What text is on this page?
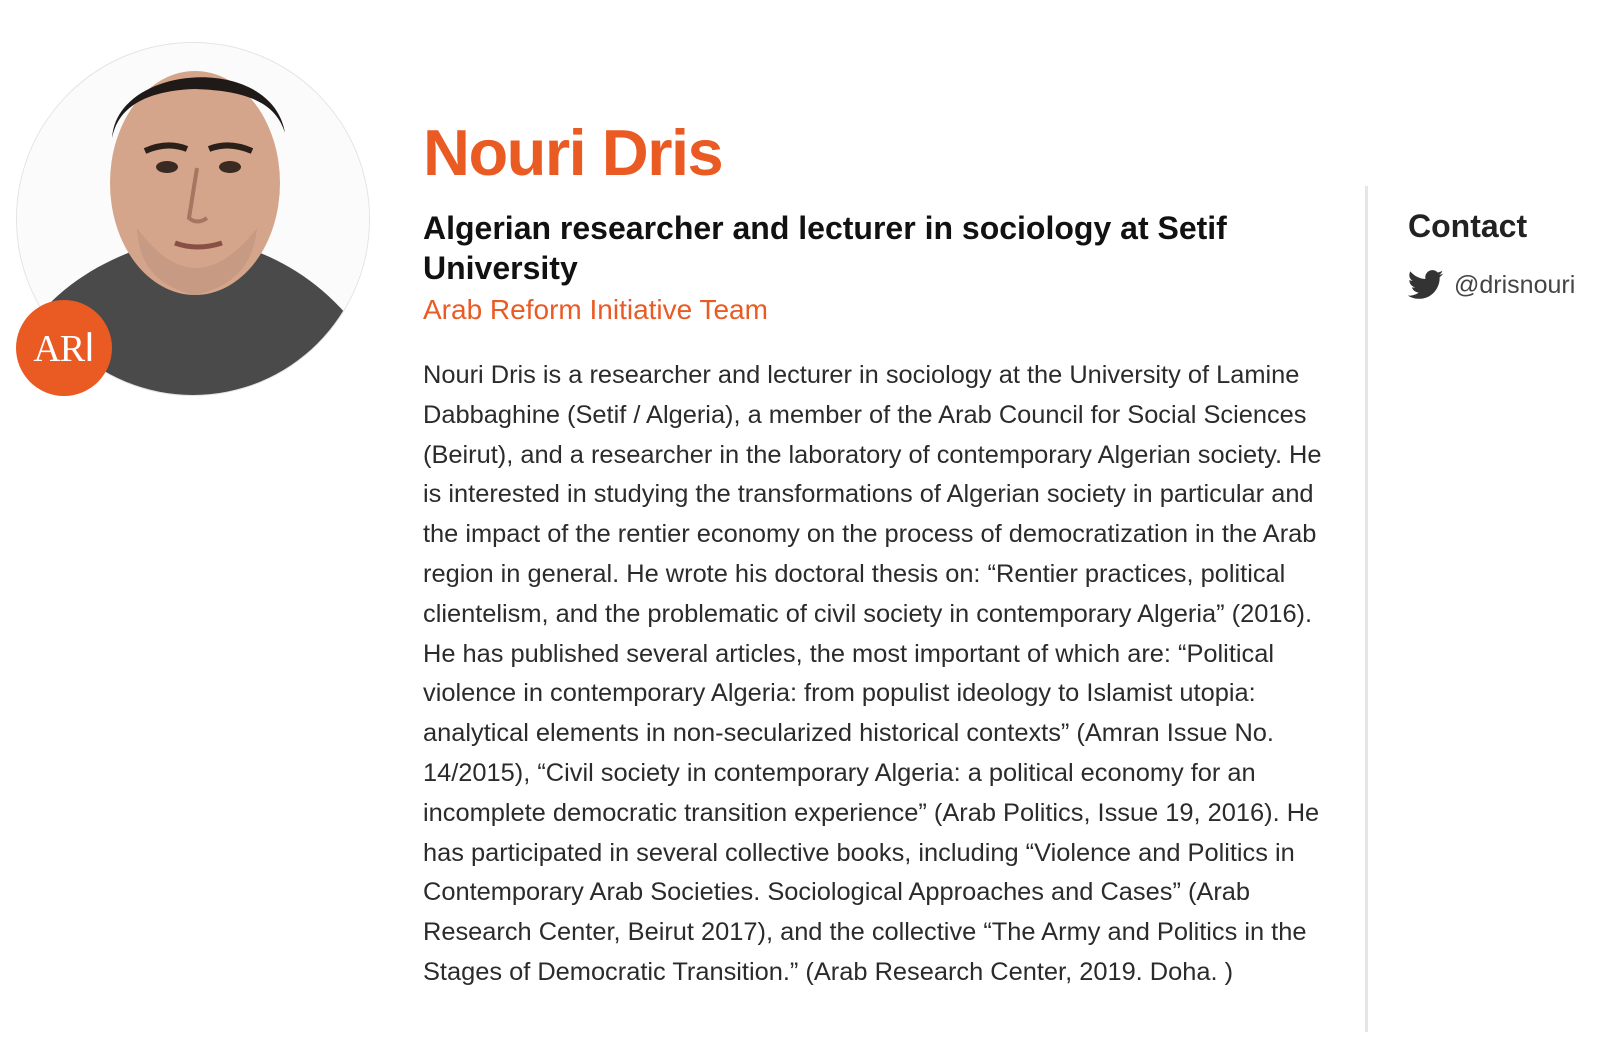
ARا
Nouri Dris
Algerian researcher and lecturer in sociology at Setif University
Arab Reform Initiative Team

Nouri Dris is a researcher and lecturer in sociology at the University of Lamine Dabbaghine (Setif / Algeria), a member of the Arab Council for Social Sciences (Beirut), and a researcher in the laboratory of contemporary Algerian society. He is interested in studying the transformations of Algerian society in particular and the impact of the rentier economy on the process of democratization in the Arab region in general. He wrote his doctoral thesis on: “Rentier practices, political clientelism, and the problematic of civil society in contemporary Algeria” (2016). He has published several articles, the most important of which are: “Political violence in contemporary Algeria: from populist ideology to Islamist utopia: analytical elements in non-secularized historical contexts” (Amran Issue No. 14/2015), “Civil society in contemporary Algeria: a political economy for an incomplete democratic transition experience” (Arab Politics, Issue 19, 2016). He has participated in several collective books, including “Violence and Politics in Contemporary Arab Societies. Sociological Approaches and Cases” (Arab Research Center, Beirut 2017), and the collective “The Army and Politics in the Stages of Democratic Transition.” (Arab Research Center, 2019. Doha. )

Contact
@drisnouri
